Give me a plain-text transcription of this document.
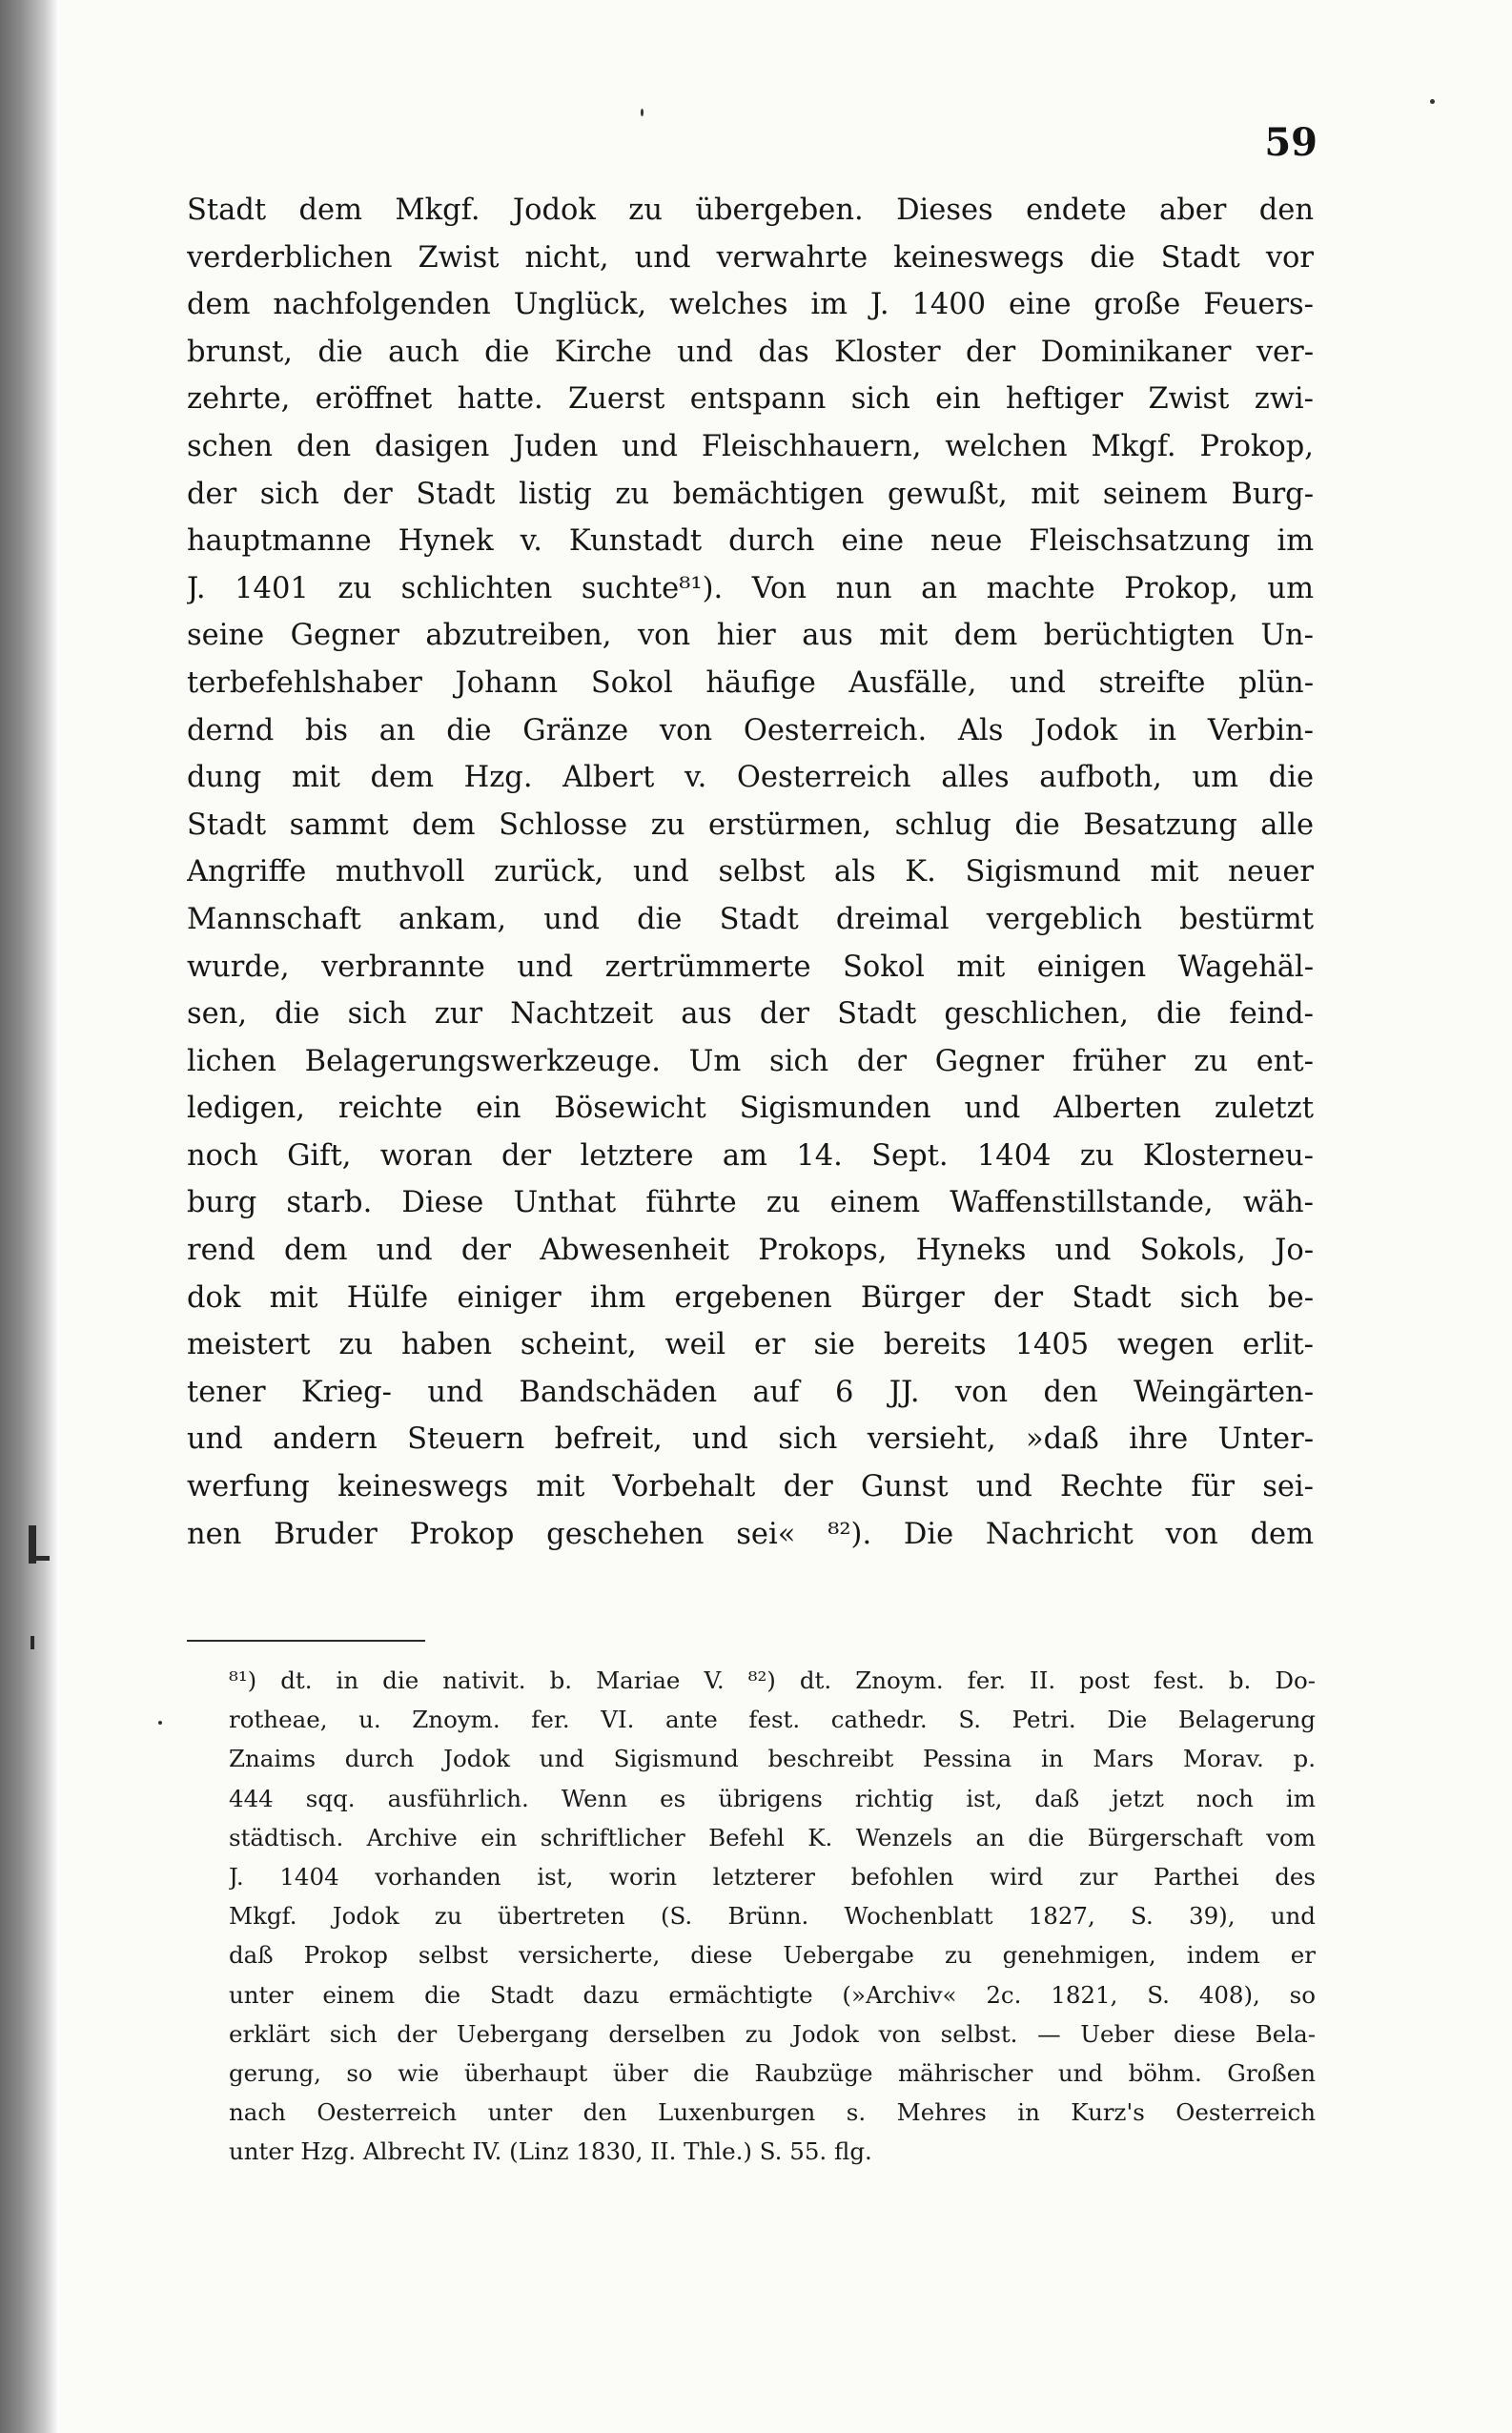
59
Stadt dem Mkgf. Jodok zu übergeben. Dieses endete aber den
verderblichen Zwist nicht, und verwahrte keineswegs die Stadt vor
dem nachfolgenden Unglück, welches im J. 1400 eine große Feuers-
brunst, die auch die Kirche und das Kloster der Dominikaner ver-
zehrte, eröffnet hatte. Zuerst entspann sich ein heftiger Zwist zwi-
schen den dasigen Juden und Fleischhauern, welchen Mkgf. Prokop,
der sich der Stadt listig zu bemächtigen gewußt, mit seinem Burg-
hauptmanne Hynek v. Kunstadt durch eine neue Fleischsatzung im
J. 1401 zu schlichten suchte⁸¹). Von nun an machte Prokop, um
seine Gegner abzutreiben, von hier aus mit dem berüchtigten Un-
terbefehlshaber Johann Sokol häufige Ausfälle, und streifte plün-
dernd bis an die Gränze von Oesterreich. Als Jodok in Verbin-
dung mit dem Hzg. Albert v. Oesterreich alles aufboth, um die
Stadt sammt dem Schlosse zu erstürmen, schlug die Besatzung alle
Angriffe muthvoll zurück, und selbst als K. Sigismund mit neuer
Mannschaft ankam, und die Stadt dreimal vergeblich bestürmt
wurde, verbrannte und zertrümmerte Sokol mit einigen Wagehäl-
sen, die sich zur Nachtzeit aus der Stadt geschlichen, die feind-
lichen Belagerungswerkzeuge. Um sich der Gegner früher zu ent-
ledigen, reichte ein Bösewicht Sigismunden und Alberten zuletzt
noch Gift, woran der letztere am 14. Sept. 1404 zu Klosterneu-
burg starb. Diese Unthat führte zu einem Waffenstillstande, wäh-
rend dem und der Abwesenheit Prokops, Hyneks und Sokols, Jo-
dok mit Hülfe einiger ihm ergebenen Bürger der Stadt sich be-
meistert zu haben scheint, weil er sie bereits 1405 wegen erlit-
tener Krieg- und Bandschäden auf 6 JJ. von den Weingärten-
und andern Steuern befreit, und sich versieht, »daß ihre Unter-
werfung keineswegs mit Vorbehalt der Gunst und Rechte für sei-
nen Bruder Prokop geschehen sei« ⁸²). Die Nachricht von dem
⁸¹) dt. in die nativit. b. Mariae V. ⁸²) dt. Znoym. fer. II. post fest. b. Do-
rotheae, u. Znoym. fer. VI. ante fest. cathedr. S. Petri. Die Belagerung
Znaims durch Jodok und Sigismund beschreibt Pessina in Mars Morav. p.
444 sqq. ausführlich. Wenn es übrigens richtig ist, daß jetzt noch im
städtisch. Archive ein schriftlicher Befehl K. Wenzels an die Bürgerschaft vom
J. 1404 vorhanden ist, worin letzterer befohlen wird zur Parthei des
Mkgf. Jodok zu übertreten (S. Brünn. Wochenblatt 1827, S. 39), und
daß Prokop selbst versicherte, diese Uebergabe zu genehmigen, indem er
unter einem die Stadt dazu ermächtigte (»Archiv« 2c. 1821, S. 408), so
erklärt sich der Uebergang derselben zu Jodok von selbst. — Ueber diese Bela-
gerung, so wie überhaupt über die Raubzüge mährischer und böhm. Großen
nach Oesterreich unter den Luxenburgen s. Mehres in Kurz's Oesterreich
unter Hzg. Albrecht IV. (Linz 1830, II. Thle.) S. 55. flg.
